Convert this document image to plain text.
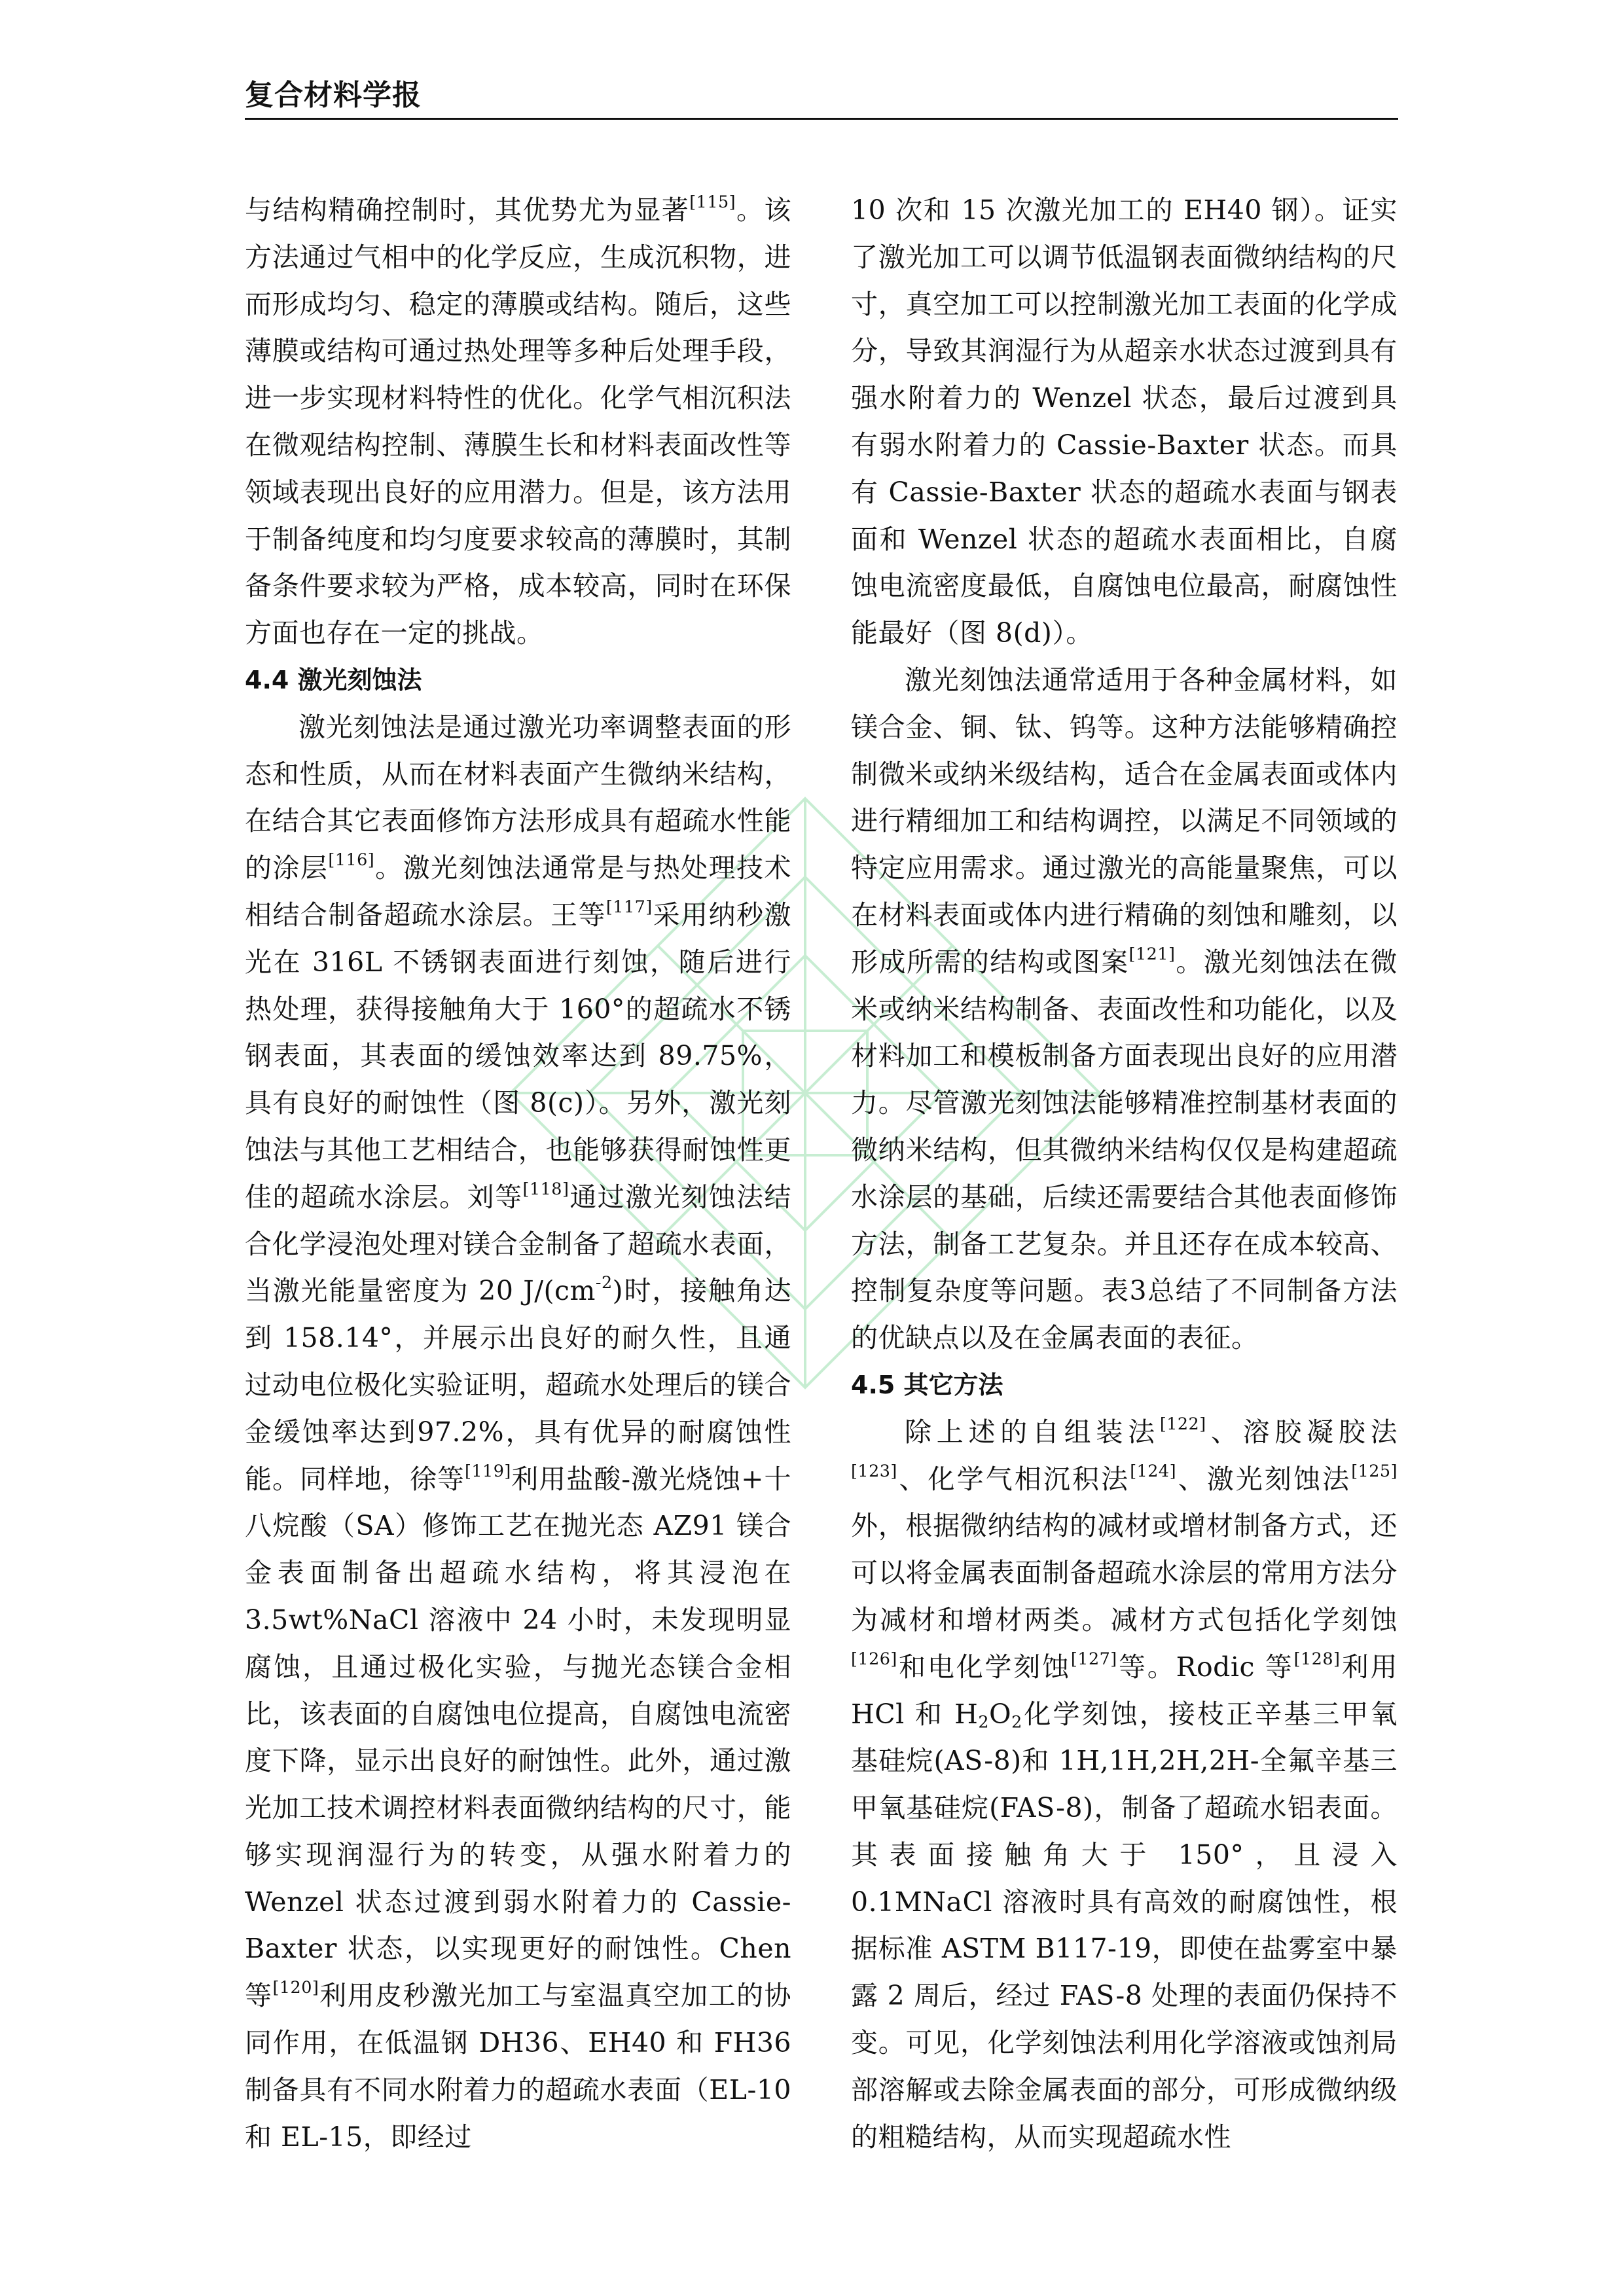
复合材料学报

与结构精确控制时，其优势尤为显著[115]。该方法通过气相中的化学反应，生成沉积物，进而形成均匀、稳定的薄膜或结构。随后，这些薄膜或结构可通过热处理等多种后处理手段，进一步实现材料特性的优化。化学气相沉积法在微观结构控制、薄膜生长和材料表面改性等领域表现出良好的应用潜力。但是，该方法用于制备纯度和均匀度要求较高的薄膜时，其制备条件要求较为严格，成本较高，同时在环保方面也存在一定的挑战。

4.4 激光刻蚀法

激光刻蚀法是通过激光功率调整表面的形态和性质，从而在材料表面产生微纳米结构，在结合其它表面修饰方法形成具有超疏水性能的涂层[116]。激光刻蚀法通常是与热处理技术相结合制备超疏水涂层。王等[117]采用纳秒激光在 316L 不锈钢表面进行刻蚀，随后进行热处理，获得接触角大于 160°的超疏水不锈钢表面，其表面的缓蚀效率达到 89.75%，具有良好的耐蚀性（图 8(c)）。另外，激光刻蚀法与其他工艺相结合，也能够获得耐蚀性更佳的超疏水涂层。刘等[118]通过激光刻蚀法结合化学浸泡处理对镁合金制备了超疏水表面，当激光能量密度为 20 $J/(cm^{-2})$时，接触角达到 158.14°，并展示出良好的耐久性，且通过动电位极化实验证明，超疏水处理后的镁合金缓蚀率达到97.2%，具有优异的耐腐蚀性能。同样地，徐等[119]利用盐酸-激光烧蚀+十八烷酸（SA）修饰工艺在抛光态 AZ91 镁合金表面制备出超疏水结构，将其浸泡在 3.5wt%NaCl 溶液中 24 小时，未发现明显腐蚀，且通过极化实验，与抛光态镁合金相比，该表面的自腐蚀电位提高，自腐蚀电流密度下降，显示出良好的耐蚀性。此外，通过激光加工技术调控材料表面微纳结构的尺寸，能够实现润湿行为的转变，从强水附着力的 Wenzel 状态过渡到弱水附着力的 Cassie-Baxter 状态，以实现更好的耐蚀性。Chen 等[120]利用皮秒激光加工与室温真空加工的协同作用，在低温钢 DH36、EH40 和 FH36 制备具有不同水附着力的超疏水表面（EL-10 和 EL-15，即经过

10 次和 15 次激光加工的 EH40 钢）。证实了激光加工可以调节低温钢表面微纳结构的尺寸，真空加工可以控制激光加工表面的化学成分，导致其润湿行为从超亲水状态过渡到具有强水附着力的 Wenzel 状态，最后过渡到具有弱水附着力的 Cassie-Baxter 状态。而具有 Cassie-Baxter 状态的超疏水表面与钢表面和 Wenzel 状态的超疏水表面相比，自腐蚀电流密度最低，自腐蚀电位最高，耐腐蚀性能最好（图 8(d)）。

激光刻蚀法通常适用于各种金属材料，如镁合金、铜、钛、钨等。这种方法能够精确控制微米或纳米级结构，适合在金属表面或体内进行精细加工和结构调控，以满足不同领域的特定应用需求。通过激光的高能量聚焦，可以在材料表面或体内进行精确的刻蚀和雕刻，以形成所需的结构或图案[121]。激光刻蚀法在微米或纳米结构制备、表面改性和功能化，以及材料加工和模板制备方面表现出良好的应用潜力。尽管激光刻蚀法能够精准控制基材表面的微纳米结构，但其微纳米结构仅仅是构建超疏水涂层的基础，后续还需要结合其他表面修饰方法，制备工艺复杂。并且还存在成本较高、控制复杂度等问题。表3总结了不同制备方法的优缺点以及在金属表面的表征。

4.5 其它方法

除上述的自组装法[122]、溶胶凝胶法[123]、化学气相沉积法[124]、激光刻蚀法[125]外，根据微纳结构的减材或增材制备方式，还可以将金属表面制备超疏水涂层的常用方法分为减材和增材两类。减材方式包括化学刻蚀[126]和电化学刻蚀[127]等。Rodic 等[128]利用 HCl 和 $H_2O_2$化学刻蚀，接枝正辛基三甲氧基硅烷(AS-8)和 1H,1H,2H,2H-全氟辛基三甲氧基硅烷(FAS-8)，制备了超疏水铝表面。其表面接触角大于 150°，且浸入 0.1MNaCl 溶液时具有高效的耐腐蚀性，根据标准 ASTM B117-19，即使在盐雾室中暴露 2 周后，经过 FAS-8 处理的表面仍保持不变。可见，化学刻蚀法利用化学溶液或蚀剂局部溶解或去除金属表面的部分，可形成微纳级的粗糙结构，从而实现超疏水性
